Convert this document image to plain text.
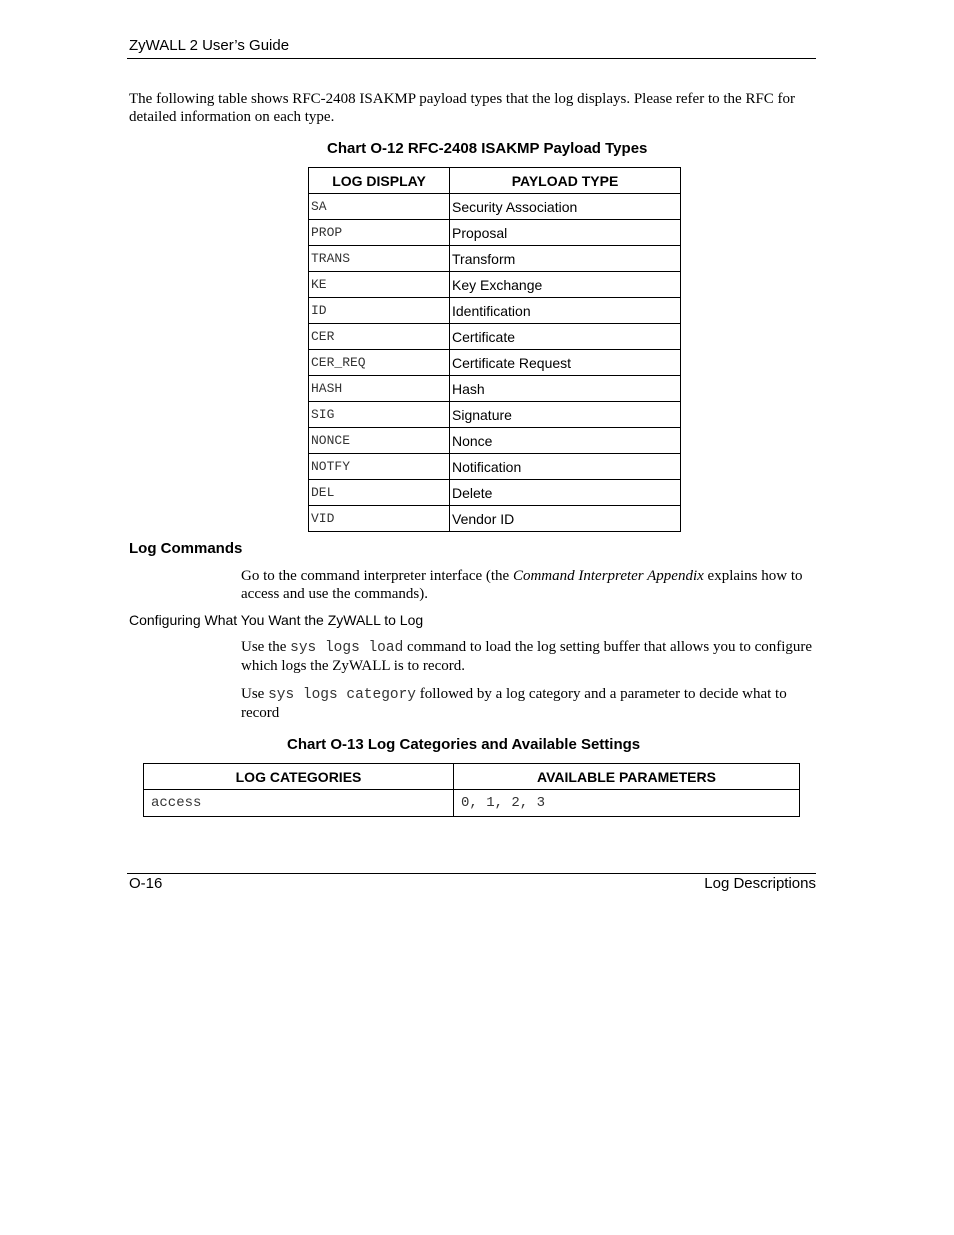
ZyWALL 2 User’s Guide

The following table shows RFC-2408 ISAKMP payload types that the log displays. Please refer to the RFC for detailed information on each type.

Chart O-12 RFC-2408 ISAKMP Payload Types

LOG DISPLAY	PAYLOAD TYPE
SA	Security Association
PROP	Proposal
TRANS	Transform
KE	Key Exchange
ID	Identification
CER	Certificate
CER_REQ	Certificate Request
HASH	Hash
SIG	Signature
NONCE	Nonce
NOTFY	Notification
DEL	Delete
VID	Vendor ID

Log Commands

Go to the command interpreter interface (the Command Interpreter Appendix explains how to access and use the commands).

Configuring What You Want the ZyWALL to Log

Use the sys logs load command to load the log setting buffer that allows you to configure which logs the ZyWALL is to record.

Use sys logs category followed by a log category and a parameter to decide what to record

Chart O-13 Log Categories and Available Settings

LOG CATEGORIES	AVAILABLE PARAMETERS
access	0, 1, 2, 3
O-16	Log Descriptions
